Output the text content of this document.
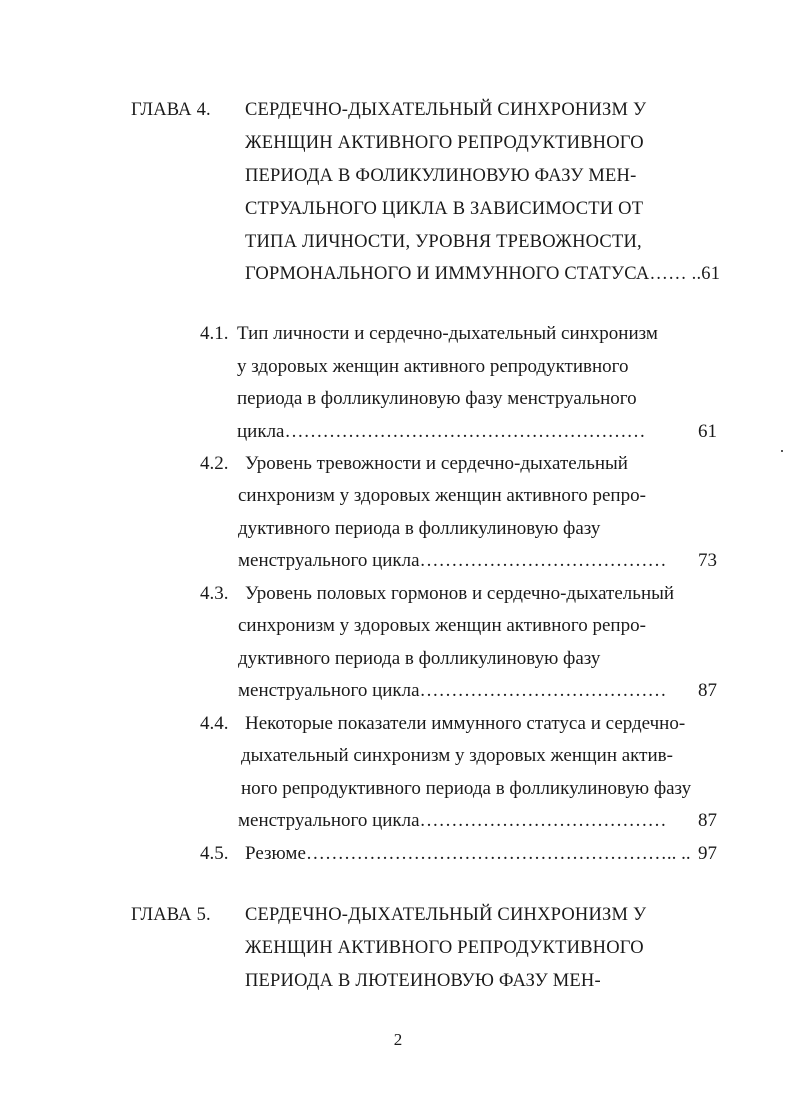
ГЛАВА 4. СЕРДЕЧНО-ДЫХАТЕЛЬНЫЙ СИНХРОНИЗМ У
ЖЕНЩИН АКТИВНОГО РЕПРОДУКТИВНОГО
ПЕРИОДА В ФОЛИКУЛИНОВУЮ ФАЗУ МЕН-
СТРУАЛЬНОГО ЦИКЛА В ЗАВИСИМОСТИ ОТ
ТИПА ЛИЧНОСТИ, УРОВНЯ ТРЕВОЖНОСТИ,
ГОРМОНАЛЬНОГО И ИММУННОГО СТАТУСА…… ..61
4.1. Тип личности и сердечно-дыхательный синхронизм
у здоровых женщин активного репродуктивного
периода в фолликулиновую фазу менструального
цикла…………………………………………………	61
4.2. Уровень тревожности и сердечно-дыхательный
синхронизм у здоровых женщин активного репро-
дуктивного периода в фолликулиновую фазу
менструального цикла………………………………… 73
4.3. Уровень половых гормонов и сердечно-дыхательный
синхронизм у здоровых женщин активного репро-
дуктивного периода в фолликулиновую фазу
менструального цикла………………………………… 87
4.4. Некоторые показатели иммунного статуса и сердечно-
дыхательный синхронизм у здоровых женщин актив-
ного репродуктивного периода в фолликулиновую фазу
менструального цикла………………………………… 87
4.5. Резюме………………………………………………….. .. 97
ГЛАВА 5. СЕРДЕЧНО-ДЫХАТЕЛЬНЫЙ СИНХРОНИЗМ У
ЖЕНЩИН АКТИВНОГО РЕПРОДУКТИВНОГО
ПЕРИОДА В ЛЮТЕИНОВУЮ ФАЗУ МЕН-
2
